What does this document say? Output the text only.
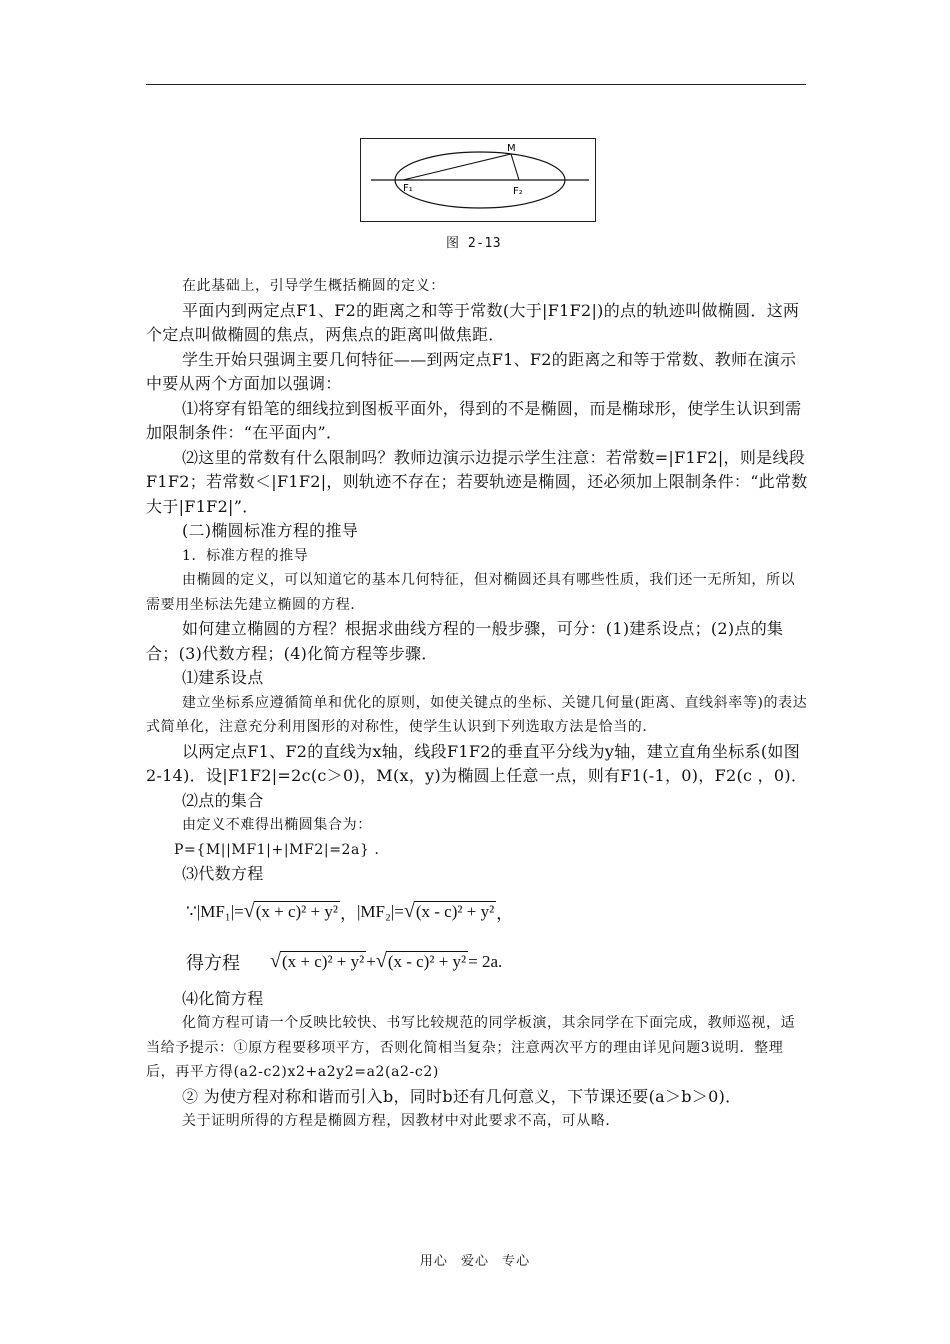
M
F₁	F₂
图 2-13

在此基础上，引导学生概括椭圆的定义：

平面内到两定点F1、F2的距离之和等于常数(大于|F1F2|)的点的轨迹叫做椭圆．这两个定点叫做椭圆的焦点，两焦点的距离叫做焦距．

学生开始只强调主要几何特征——到两定点F1、F2的距离之和等于常数、教师在演示中要从两个方面加以强调：

⑴将穿有铅笔的细线拉到图板平面外，得到的不是椭圆，而是椭球形，使学生认识到需加限制条件：“在平面内”．

⑵这里的常数有什么限制吗？教师边演示边提示学生注意：若常数=|F1F2|，则是线段F1F2；若常数＜|F1F2|，则轨迹不存在；若要轨迹是椭圆，还必须加上限制条件：“此常数大于|F1F2|”．

(二)椭圆标准方程的推导

1．标准方程的推导

由椭圆的定义，可以知道它的基本几何特征，但对椭圆还具有哪些性质，我们还一无所知，所以需要用坐标法先建立椭圆的方程．

如何建立椭圆的方程？根据求曲线方程的一般步骤，可分：(1)建系设点；(2)点的集合；(3)代数方程；(4)化简方程等步骤．

⑴建系设点

建立坐标系应遵循简单和优化的原则，如使关键点的坐标、关键几何量(距离、直线斜率等)的表达式简单化，注意充分利用图形的对称性，使学生认识到下列选取方法是恰当的．

以两定点F1、F2的直线为x轴，线段F1F2的垂直平分线为y轴，建立直角坐标系(如图2-14)．设|F1F2|=2c(c＞0)，M(x，y)为椭圆上任意一点，则有F1(-1，0)，F2(c ，0)．

⑵点的集合

由定义不难得出椭圆集合为：

P={M||MF1|+|MF2|=2a} ．

⑶代数方程

∵ |MF₁|= √ (x + c)² + y² ， |MF₂|= √ (x - c)² + y² ，
得方程 √ (x + c)² + y² + √ (x - c)² + y² = 2a.

⑷化简方程

化简方程可请一个反映比较快、书写比较规范的同学板演，其余同学在下面完成，教师巡视，适当给予提示：①原方程要移项平方，否则化简相当复杂；注意两次平方的理由详见问题3说明．整理后，再平方得(a2-c2)x2+a2y2=a2(a2-c2)

② 为使方程对称和谐而引入b，同时b还有几何意义，下节课还要(a＞b＞0)．

关于证明所得的方程是椭圆方程，因教材中对此要求不高，可从略．

用心 爱心 专心
